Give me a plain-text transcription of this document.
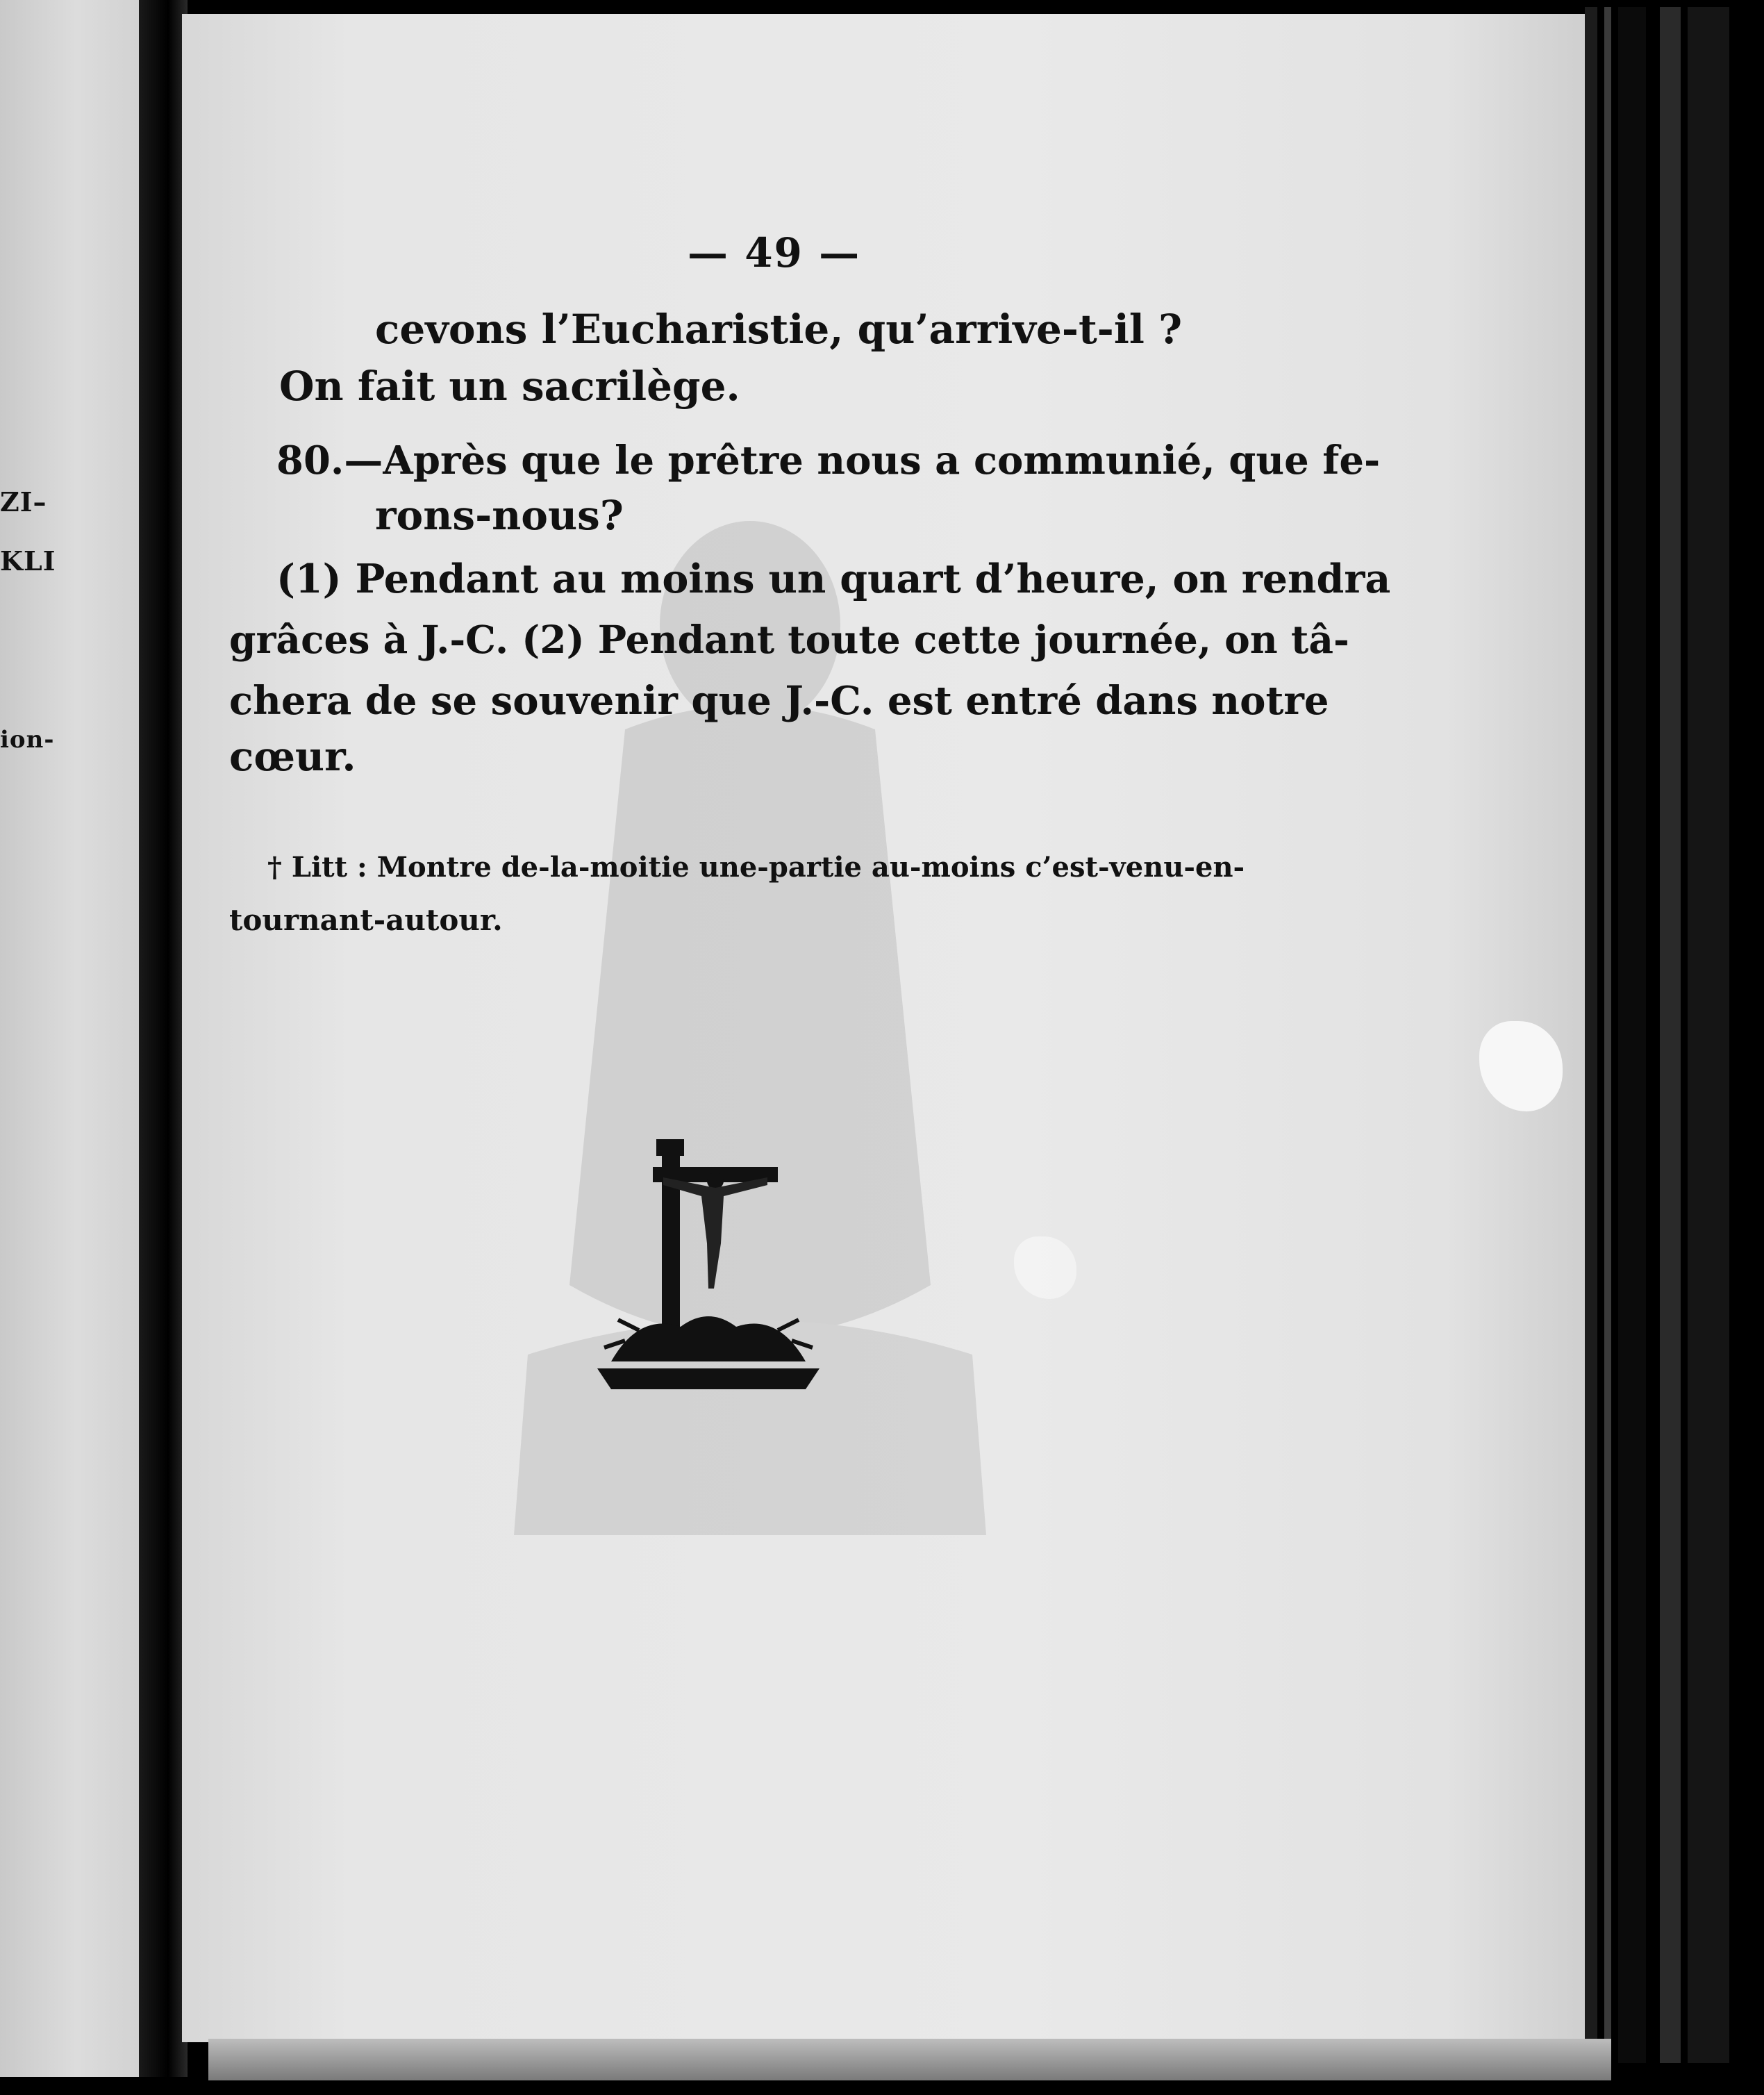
ZI–
KLI
ion-
— 49 —
cevons l’Eucharistie, qu’arrive-t-il ?
On fait un sacrilège.
80.—Après que le prêtre nous a communié, que fe-
rons-nous?
(1) Pendant au moins un quart d’heure, on rendra
grâces à J.-C. (2) Pendant toute cette journée, on tâ-
chera de se souvenir que J.-C. est entré dans notre
cœur.
† Litt : Montre de-la-moitie une-partie au-moins c’est-venu-en-
tournant-autour.
